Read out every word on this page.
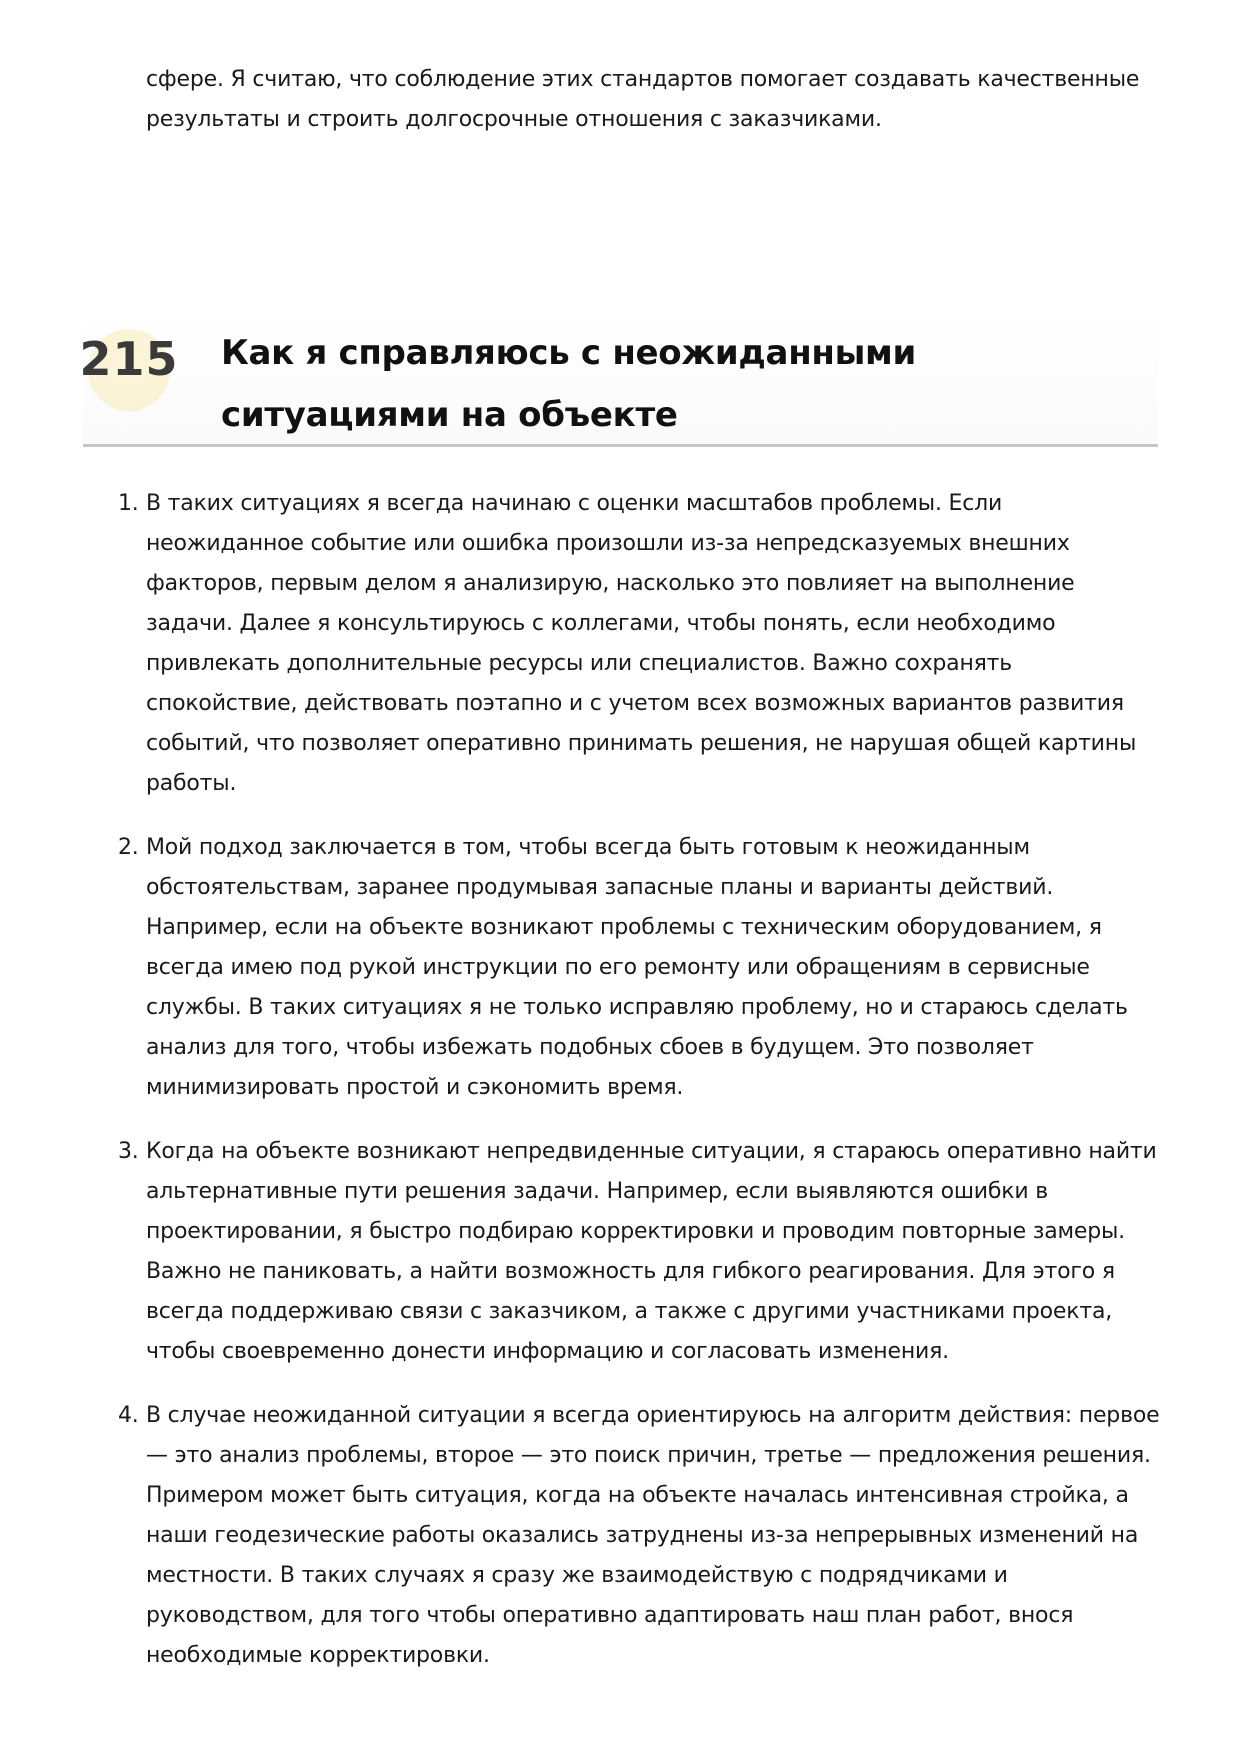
сфере. Я считаю, что соблюдение этих стандартов помогает создавать качественные результаты и строить долгосрочные отношения с заказчиками.

215 Как я справляюсь с неожиданными ситуациями на объекте
1. В таких ситуациях я всегда начинаю с оценки масштабов проблемы. Если неожиданное событие или ошибка произошли из-за непредсказуемых внешних факторов, первым делом я анализирую, насколько это повлияет на выполнение задачи. Далее я консультируюсь с коллегами, чтобы понять, если необходимо привлекать дополнительные ресурсы или специалистов. Важно сохранять спокойствие, действовать поэтапно и с учетом всех возможных вариантов развития событий, что позволяет оперативно принимать решения, не нарушая общей картины работы.
2. Мой подход заключается в том, чтобы всегда быть готовым к неожиданным обстоятельствам, заранее продумывая запасные планы и варианты действий. Например, если на объекте возникают проблемы с техническим оборудованием, я всегда имею под рукой инструкции по его ремонту или обращениям в сервисные службы. В таких ситуациях я не только исправляю проблему, но и стараюсь сделать анализ для того, чтобы избежать подобных сбоев в будущем. Это позволяет минимизировать простой и сэкономить время.
3. Когда на объекте возникают непредвиденные ситуации, я стараюсь оперативно найти альтернативные пути решения задачи. Например, если выявляются ошибки в проектировании, я быстро подбираю корректировки и проводим повторные замеры. Важно не паниковать, а найти возможность для гибкого реагирования. Для этого я всегда поддерживаю связи с заказчиком, а также с другими участниками проекта, чтобы своевременно донести информацию и согласовать изменения.
4. В случае неожиданной ситуации я всегда ориентируюсь на алгоритм действия: первое — это анализ проблемы, второе — это поиск причин, третье — предложения решения. Примером может быть ситуация, когда на объекте началась интенсивная стройка, а наши геодезические работы оказались затруднены из-за непрерывных изменений на местности. В таких случаях я сразу же взаимодействую с подрядчиками и руководством, для того чтобы оперативно адаптировать наш план работ, внося необходимые корректировки.
